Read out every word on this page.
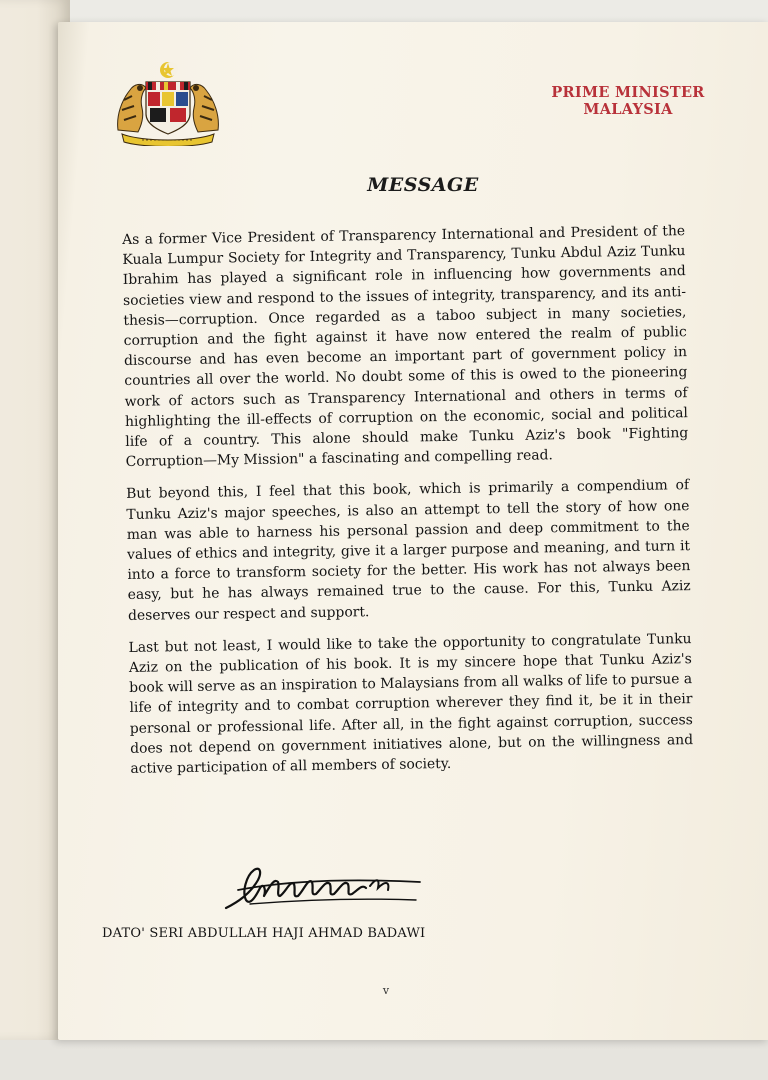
PRIME MINISTER
MALAYSIA
MESSAGE

As a former Vice President of Transparency International and President of the Kuala Lumpur Society for Integrity and Transparency, Tunku Abdul Aziz Tunku Ibrahim has played a significant role in influencing how governments and societies view and respond to the issues of integrity, transparency, and its anti-thesis—corruption. Once regarded as a taboo subject in many societies, corruption and the fight against it have now entered the realm of public discourse and has even become an important part of government policy in countries all over the world. No doubt some of this is owed to the pioneering work of actors such as Transparency International and others in terms of highlighting the ill-effects of corruption on the economic, social and political life of a country. This alone should make Tunku Aziz's book "Fighting Corruption—My Mission" a fascinating and compelling read.

But beyond this, I feel that this book, which is primarily a compendium of Tunku Aziz's major speeches, is also an attempt to tell the story of how one man was able to harness his personal passion and deep commitment to the values of ethics and integrity, give it a larger purpose and meaning, and turn it into a force to transform society for the better. His work has not always been easy, but he has always remained true to the cause. For this, Tunku Aziz deserves our respect and support.

Last but not least, I would like to take the opportunity to congratulate Tunku Aziz on the publication of his book. It is my sincere hope that Tunku Aziz's book will serve as an inspiration to Malaysians from all walks of life to pursue a life of integrity and to combat corruption wherever they find it, be it in their personal or professional life. After all, in the fight against corruption, success does not depend on government initiatives alone, but on the willingness and active participation of all members of society.

DATO' SERI ABDULLAH HAJI AHMAD BADAWI
v
